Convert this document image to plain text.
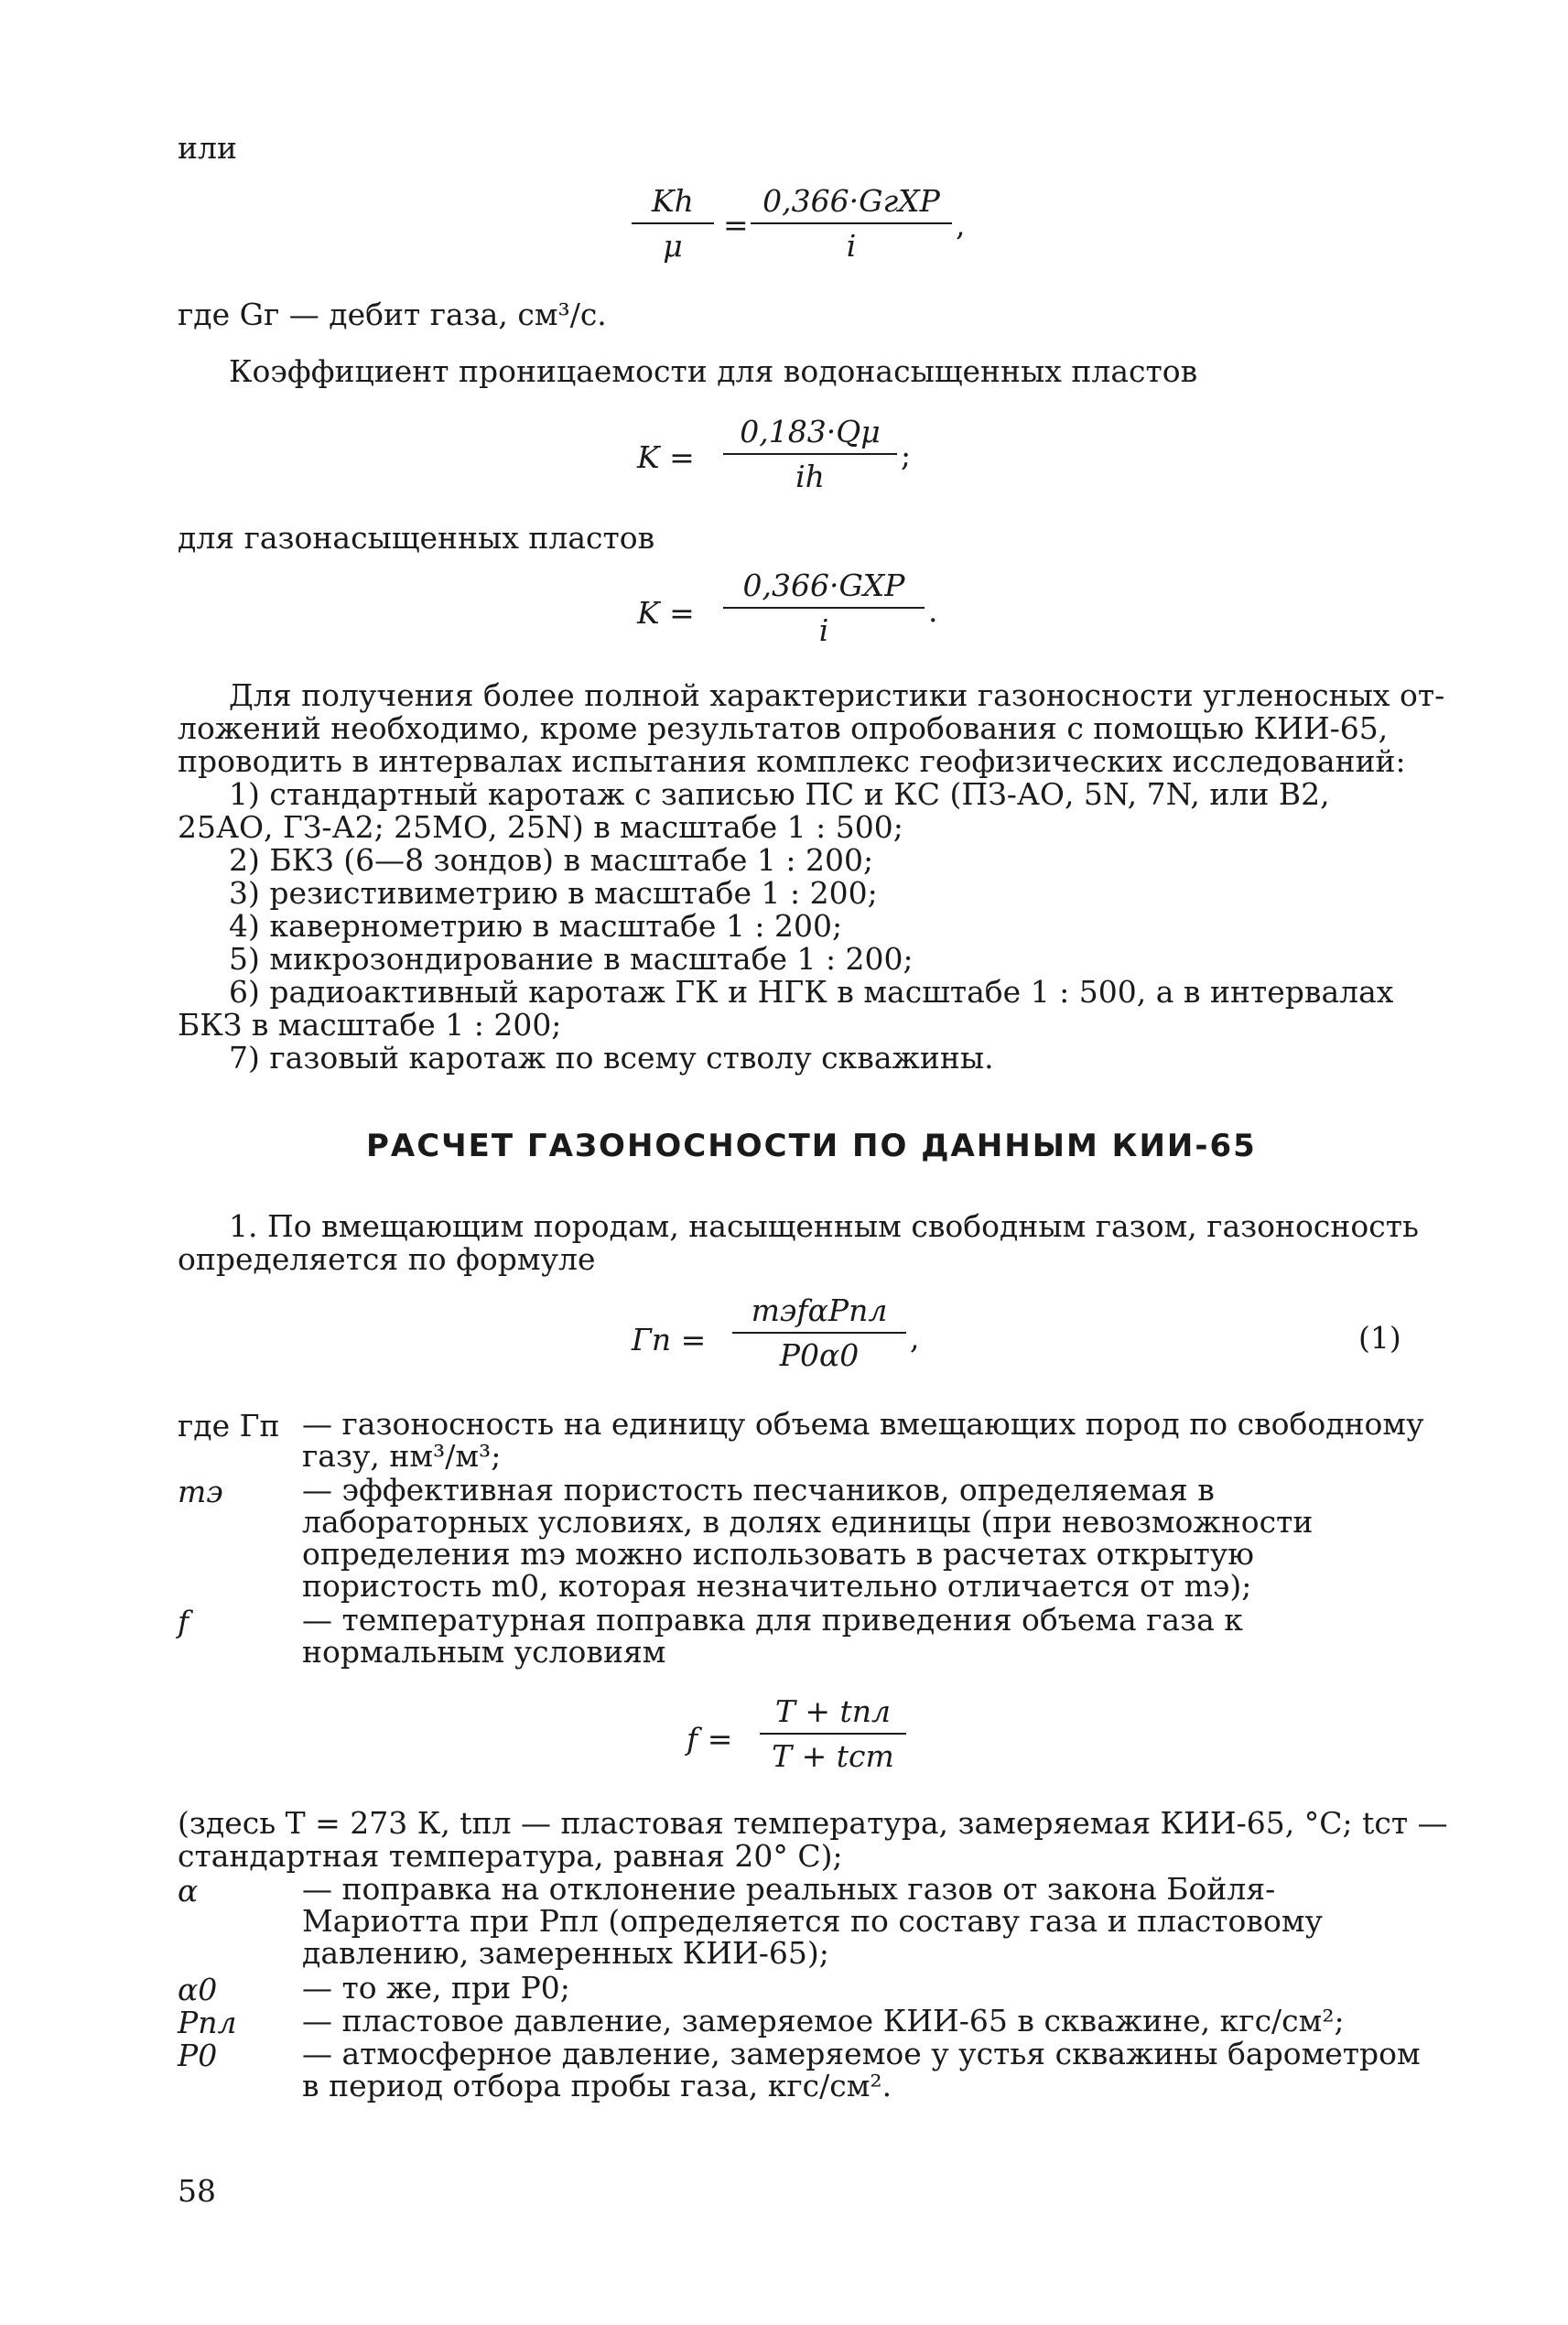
или
$\frac{Kh}{\mu}$ =
0,366·GгXP
i
,
где Gг — дебит газа, см³/с.
Коэффициент проницаемости для водонасыщенных пластов
$K = \frac{0,183\cdot Q\mu}{ih}$ ;
для газонасыщенных пластов
K =
0,366·GXP
i
.
Для получения более полной характеристики газоносности угленосных от-
ложений необходимо, кроме результатов опробования с помощью КИИ-65,
проводить в интервалах испытания комплекс геофизических исследований:
1) стандартный каротаж с записью ПС и КС (ПЗ-АО, 5N, 7N, или В2,
25АО, ГЗ-А2; 25МО, 25N) в масштабе 1 : 500;
2) БКЗ (6—8 зондов) в масштабе 1 : 200;
3) резистивиметрию в масштабе 1 : 200;
4) кавернометрию в масштабе 1 : 200;
5) микрозондирование в масштабе 1 : 200;
6) радиоактивный каротаж ГК и НГК в масштабе 1 : 500, а в интервалах
БКЗ в масштабе 1 : 200;
7) газовый каротаж по всему стволу скважины.
РАСЧЕТ ГАЗОНОСНОСТИ ПО ДАННЫМ КИИ-65
1. По вмещающим породам, насыщенным свободным газом, газоносность
определяется по формуле
Гп =
mэfαPпл
P0α0	,	(1)
где Гп — газоносность на единицу объема вмещающих пород по свободному газу, нм³/м³;
mэ	— эффективная пористость песчаников, определяемая в лабораторных условиях, в долях единицы (при невозможности определения mэ можно использовать в расчетах открытую пористость m0, которая незначительно отличается от mэ);
f	— температурная поправка для приведения объема газа к нормальным условиям
f =
T + tпл
T + tст
(здесь T = 273 К, tпл — пластовая температура, замеряемая КИИ-65, °С; tст —
стандартная температура, равная 20° С);
α	— поправка на отклонение реальных газов от закона Бойля-Мариотта при Pпл (определяется по составу газа и пластовому давлению, замеренных КИИ-65);
α0	— то же, при P0;
Pпл — пластовое давление, замеряемое КИИ-65 в скважине, кгс/см²;
P0	— атмосферное давление, замеряемое у устья скважины барометром в период отбора пробы газа, кгс/см².
58
